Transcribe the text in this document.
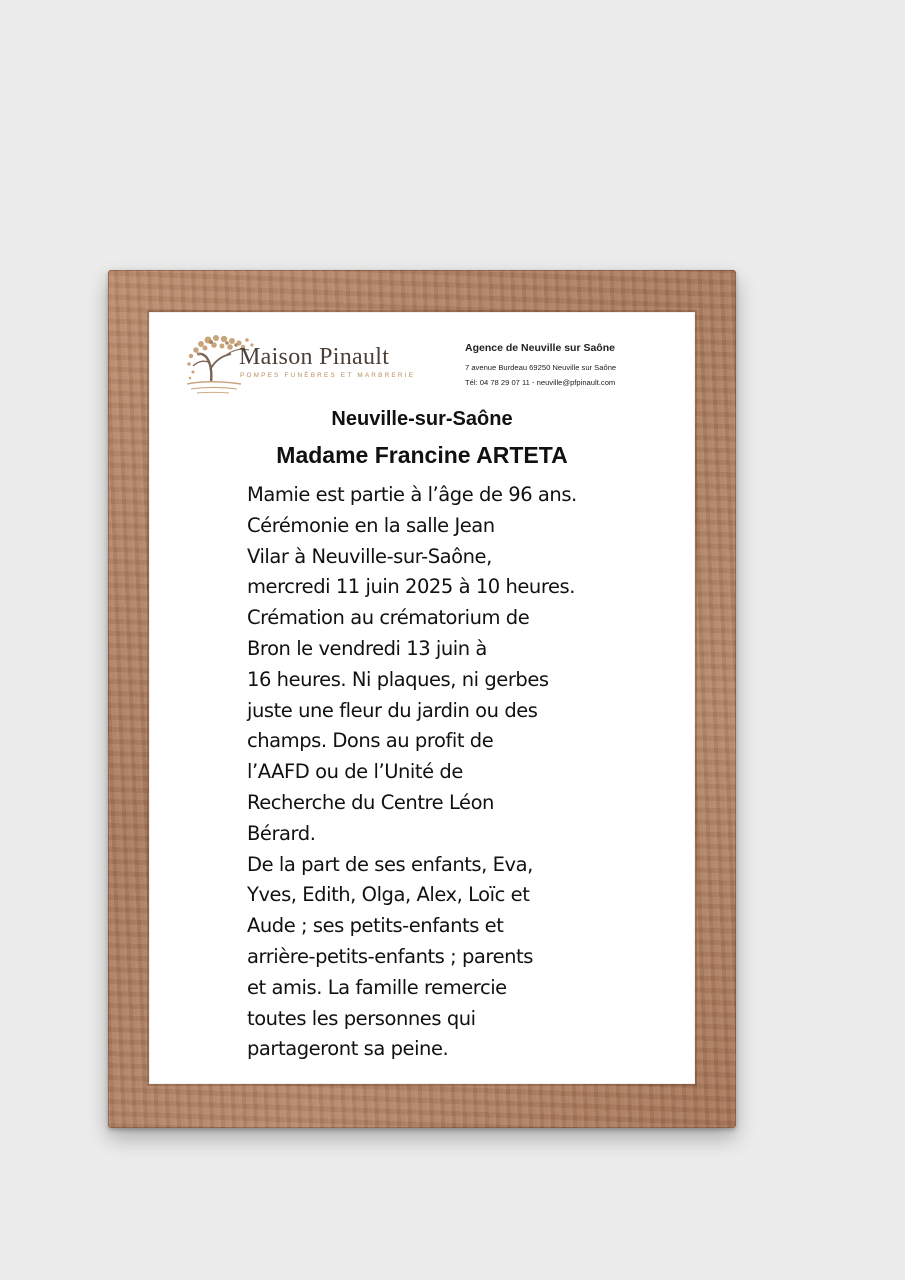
Maison Pinault
POMPES FUNÈBRES ET MARBRERIE
Agence de Neuville sur Saône
7 avenue Burdeau 69250 Neuville sur Saône
Tél: 04 78 29 07 11 - neuville@pfpinault.com
Neuville-sur-Saône
Madame Francine ARTETA

Mamie est partie à l’âge de 96 ans.
Cérémonie en la salle Jean
Vilar à Neuville-sur-Saône,
mercredi 11 juin 2025 à 10 heures.
Crémation au crématorium de
Bron le vendredi 13 juin à
16 heures. Ni plaques, ni gerbes
juste une fleur du jardin ou des
champs. Dons au profit de
l’AAFD ou de l’Unité de
Recherche du Centre Léon
Bérard.

De la part de ses enfants, Eva,
Yves, Edith, Olga, Alex, Loïc et
Aude ; ses petits-enfants et
arrière-petits-enfants ; parents
et amis. La famille remercie
toutes les personnes qui
partageront sa peine.
